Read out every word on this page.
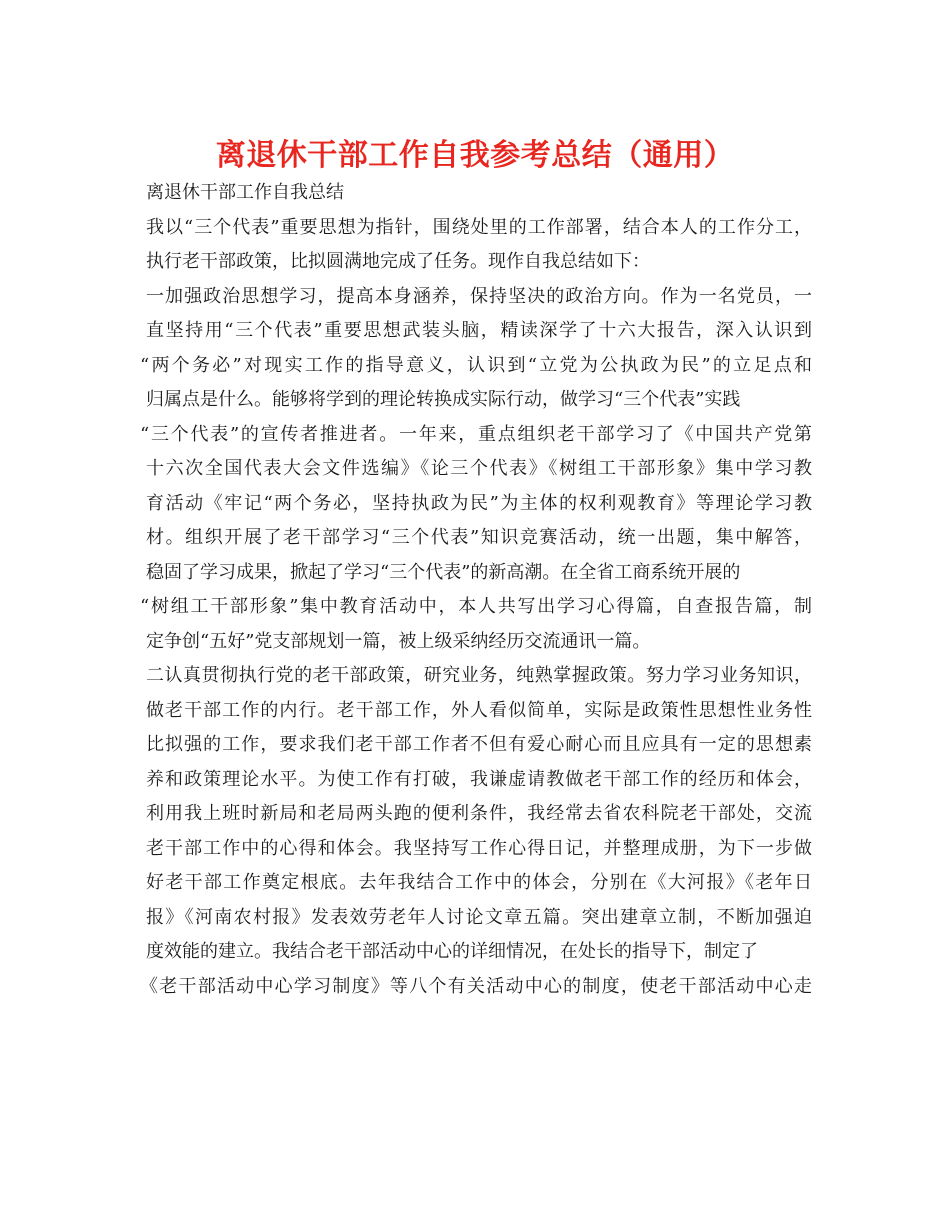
离退休干部工作自我参考总结（通用）
离退休干部工作自我总结
我以“三个代表”重要思想为指针，围绕处里的工作部署，结合本人的工作分工，
执行老干部政策，比拟圆满地完成了任务。现作自我总结如下：
一加强政治思想学习，提高本身涵养，保持坚决的政治方向。作为一名党员，一
直坚持用“三个代表”重要思想武装头脑，精读深学了十六大报告，深入认识到
“两个务必”对现实工作的指导意义，认识到“立党为公执政为民”的立足点和
归属点是什么。能够将学到的理论转换成实际行动，做学习“三个代表”实践
“三个代表”的宣传者推进者。一年来，重点组织老干部学习了《中国共产党第
十六次全国代表大会文件选编》《论三个代表》《树组工干部形象》集中学习教
育活动《牢记“两个务必，坚持执政为民”为主体的权利观教育》等理论学习教
材。组织开展了老干部学习“三个代表”知识竞赛活动，统一出题，集中解答，
稳固了学习成果，掀起了学习“三个代表”的新高潮。在全省工商系统开展的
“树组工干部形象”集中教育活动中，本人共写出学习心得篇，自查报告篇，制
定争创“五好”党支部规划一篇，被上级采纳经历交流通讯一篇。
二认真贯彻执行党的老干部政策，研究业务，纯熟掌握政策。努力学习业务知识，
做老干部工作的内行。老干部工作，外人看似简单，实际是政策性思想性业务性
比拟强的工作，要求我们老干部工作者不但有爱心耐心而且应具有一定的思想素
养和政策理论水平。为使工作有打破，我谦虚请教做老干部工作的经历和体会，
利用我上班时新局和老局两头跑的便利条件，我经常去省农科院老干部处，交流
老干部工作中的心得和体会。我坚持写工作心得日记，并整理成册，为下一步做
好老干部工作奠定根底。去年我结合工作中的体会，分别在《大河报》《老年日
报》《河南农村报》发表效劳老年人讨论文章五篇。突出建章立制，不断加强迫
度效能的建立。我结合老干部活动中心的详细情况，在处长的指导下，制定了
《老干部活动中心学习制度》等八个有关活动中心的制度，使老干部活动中心走
